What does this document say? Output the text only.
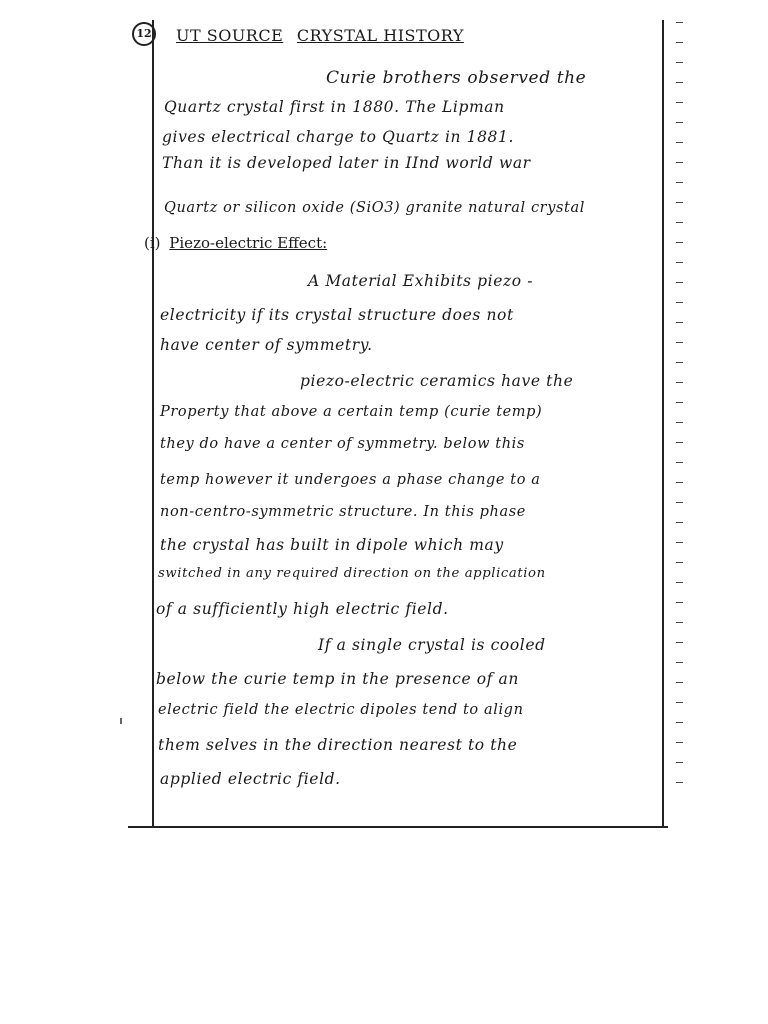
12 UT SOURCE CRYSTAL HISTORY
Curie brothers observed the
Quartz crystal first in 1880. The Lipman
gives electrical charge to Quartz in 1881.
Than it is developed later in IInd world war
Quartz or silicon oxide (SiO3) granite natural crystal
(i) Piezo-electric Effect:
A Material Exhibits piezo -
electricity if its crystal structure does not
have center of symmetry.
piezo-electric ceramics have the
Property that above a certain temp (curie temp)
they do have a center of symmetry. below this
temp however it undergoes a phase change to a
non-centro-symmetric structure. In this phase
the crystal has built in dipole which may
switched in any required direction on the application
of a sufficiently high electric field.
If a single crystal is cooled
below the curie temp in the presence of an
electric field the electric dipoles tend to align
them selves in the direction nearest to the
applied electric field.
